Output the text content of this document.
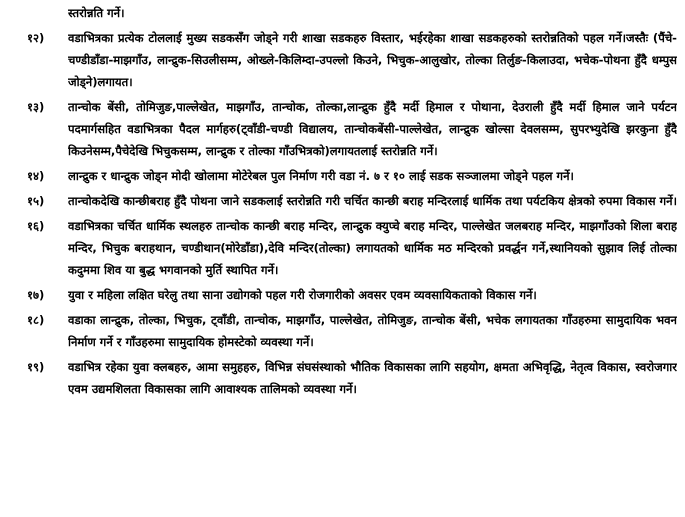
स्तरोन्नति गर्ने।
१२)	वडाभित्रका प्रत्येक टोललाई मुख्य सडकसँग जोड्ने गरी शाखा सडकहरु विस्तार, भईरहेका शाखा सडकहरुको स्तरोन्नतिको पहल गर्ने।जस्तैः (पैंचे-चण्डीडाँडा-माझगाँउ, लान्द्रुक-सिउलीसम्म, ओख्ले-किलिम्दा-उपल्लो किउने, भिचुक-आलुखोर, तोल्का तिर्लुङ-किलाउदा, भचेक-पोथना हुँदै धम्पुस जोड्ने)लगायत।
१३)	तान्चोक बेंसी, तोमिजुङ,पाल्लेखेत, माझगाँउ, तान्चोक, तोल्का,लान्द्रुक हुँदै मर्दी हिमाल र पोथाना, देउराली हुँदै मर्दी हिमाल जाने पर्यटन पदमार्गसहित वडाभित्रका पैदल मार्गहरु(ट्वाँडी-चण्डी विद्यालय, तान्चोकबेंसी-पाल्लेखेत, लान्द्रुक खोल्सा देवलसम्म, सुपरभ्युदेखि झरकुना हुँदै किउनेसम्म,पैचेदेखि भिचुकसम्म, लान्द्रुक र तोल्का गाँउभित्रको)लगायतलाई स्तरोन्नति गर्ने।
१४)	लान्द्रुक र धान्द्रुक जोड्न मोदी खोलामा मोटेरेबल पुल निर्माण गरी वडा नं. ७ र १० लाई सडक सञ्जालमा जोड्ने पहल गर्ने।
१५)	तान्चोकदेखि कान्छीबराह हुँदै पोथना जाने सडकलाई स्तरोन्नति गरी चर्चित कान्छी बराह मन्दिरलाई धार्मिक तथा पर्यटकिय क्षेत्रको रुपमा विकास गर्ने।
१६)	वडाभित्रका चर्चित धार्मिक स्थलहरु तान्चोक कान्छी बराह मन्दिर, लान्द्रुक क्युप्चे बराह मन्दिर, पाल्लेखेत जलबराह मन्दिर, माझगाँउको शिला बराह मन्दिर, भिचुक बराहथान, चण्डीथान(मोरेडाँडा),देवि मन्दिर(तोल्का) लगायतको धार्मिक मठ मन्दिरको प्रवर्द्धन गर्ने,स्थानियको सुझाव लिई तोल्का कदुममा शिव या बुद्ध भगवानको मुर्ति स्थापित गर्ने।
१७)	युवा र महिला लक्षित घरेलु तथा साना उद्योगको पहल गरी रोजगारीको अवसर एवम व्यवसायिकताको विकास गर्ने।
१८)	वडाका लान्द्रुक, तोल्का, भिचुक, ट्वाँडी, तान्चोक, माझगाँउ, पाल्लेखेत, तोमिजुङ, तान्चोक बेंसी, भचेक लगायतका गाँउहरुमा सामुदायिक भवन निर्माण गर्ने र गाँउहरुमा सामुदायिक होमस्टेको व्यवस्था गर्ने।
१९)	वडाभित्र रहेका युवा क्लबहरु, आमा समुहहरु, विभिन्न संघसंस्थाको भौतिक विकासका लागि सहयोग, क्षमता अभिवृद्धि, नेतृत्व विकास, स्वरोजगार एवम उद्यमशिलता विकासका लागि आवाश्यक तालिमको व्यवस्था गर्ने।
